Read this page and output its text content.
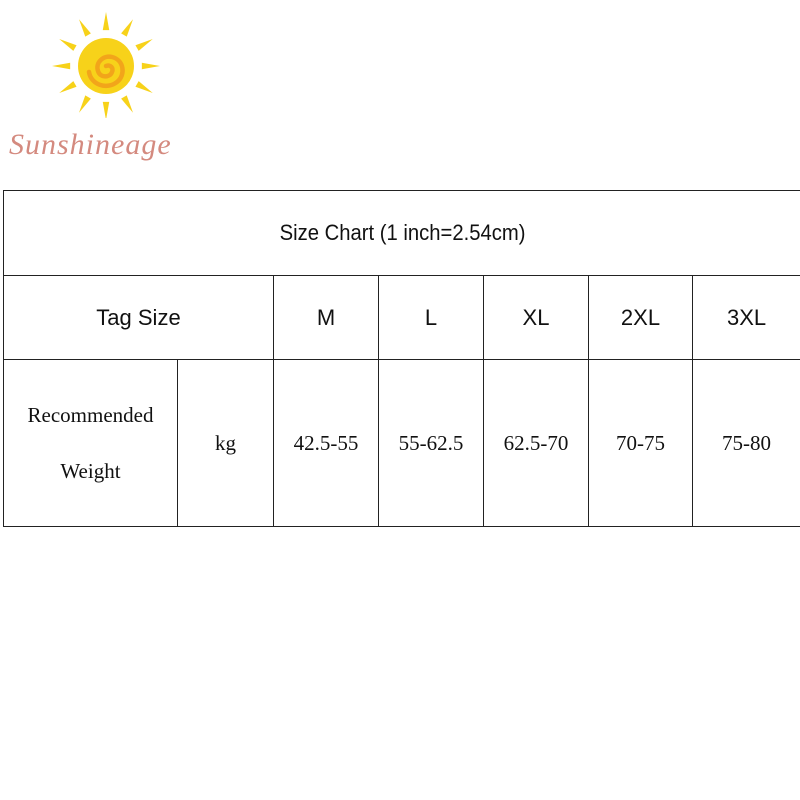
Sunshineage
Size Chart (1 inch=2.54cm)						
Tag Size		M	L	XL	2XL	3XL

Recommended
Weight	kg	42.5-55	55-62.5	62.5-70	70-75	75-80
